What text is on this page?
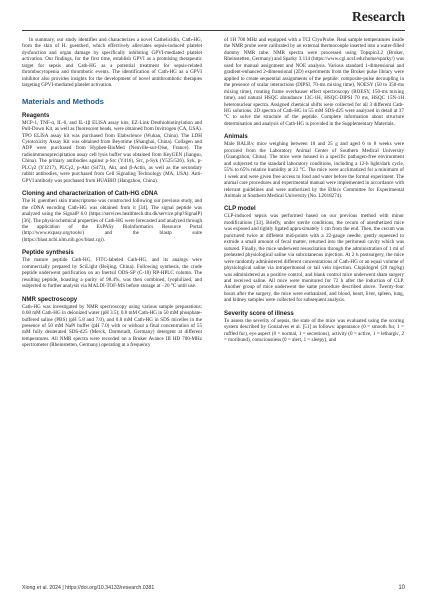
Research

In summary, our study identifies and characterizes a novel Cathelicidin, Cath-HG, from the skin of H. guentheri, which effectively alleviates sepsis-induced platelet dysfunction and organ damage by specifically inhibiting GPVI-mediated platelet activation. Our findings, for the first time, establish GPVI as a promising therapeutic target for sepsis and Cath-HG as a potential treatment for sepsis-related thrombocytopenia and thrombotic events. The identification of Cath-HG as a GPVI inhibitor also provides insights for the development of novel antithrombotic therapies targeting GPVI-mediated platelet activation.

Materials and Methods
Reagents

MCP-1, TNF-α, IL-6, and IL-1β ELISA assay kits, EZ-Link Desthiobiotinylation and Pull-Down Kit, as well as fluorescent beads, were obtained from Invitrogen (CA, USA). TPO ELISA assay kit was purchased from Elabscience (Wuhan, China). The LDH Cytotoxicity Assay Kit was obtained from Beyotime (Shanghai, China). Collagen and ADP were purchased from Hyphen-BioMed (Neuville-sur-Oise, France). The radioimmunoprecipitation assay cell lysis buffer was obtained from KeyGEN (Jiangsu, China). The primary antibodies against p-Src (Y416), Src, p-Syk (Y525/526), Syk, p-PLCγ2 (Y1217), PLCγ2, p-Akt (S473), Akt, and β-Actin, as well as the secondary rabbit antibodies, were purchased from Cell Signaling Technology (MA, USA). Anti-GPVI antibody was purchased from HUABIO (Hangzhou, China).

Cloning and characterization of Cath-HG cDNA

The H. guentheri skin transcriptome was constructed following our previous study, and the cDNA encoding Cath-HG was obtained from it [34]. The signal peptide was analyzed using the SignalP 6.0 (https://services.healthtech.dtu.dk/service.php?SignalP) [36]. The physicochemical properties of Cath-HG were forecasted and analyzed through the application of the ExPASy Bioinformatics Resource Portal (http://www.expasy.org/tools/) and the blastp suite (https://blast.ncbi.nlm.nih.gov/blast.cgi).

Peptide synthesis

The mature peptide Cath-HG, FITC-labeled Cath-HG, and its analogs were commercially prepared by SciLight (Beijing, China). Following synthesis, the crude peptide underwent purification on an Inertsil ODS-SP (C-18) RP-HPLC column. The resulting peptide, boasting a purity of 98.4%, was then combined, lyophilized, and subjected to further analysis via MALDI-TOF-MS before storage at −20 °C until use.

NMR spectroscopy

Cath-HG was investigated by NMR spectroscopy using various sample preparations: 0.68 mM Cath-HG in deionized water (pH 3.5); 0.8 mM Cath-HG in 50 mM phosphate-buffered saline (PBS) (pH 5.8 and 7.0), and 0.8 mM Cath-HG in SDS micelles in the presence of 50 mM NaPi buffer (pH 7.0) with or without a final concentration of 55 mM fully deuterated SDS-d25 (Merck, Darmstadt, Germany) detergent at different temperatures. All NMR spectra were recorded on a Bruker Avance III HD 700-MHz spectrometer (Rheinstetten, Germany) operating at a frequency

of 1H 700 MHz and equipped with a TCI CryoProbe. Real sample temperatures inside the NMR probe were calibrated by an external thermocouple inserted into a water-filled dummy NMR tube. NMR spectra were processed using Topspin3.2 (Bruker, Rheinstetten, Germany) and Sparky 3.114 (https://www.cgl.ucsf.edu/home/sparky/) was used for manual assignment and NOE analysis. Various standard 1-dimensional and gradient-enhanced 2-dimensional (2D) experiments from the Bruker pulse library were applied to create sequential assignments of the peptide: composite-pulse decoupling in the presence of scalar interactions (DIPSI, 70-ms mixing time), NOESY (50 to 350-ms mixing time), rotating frame overhauser effect spectroscopy (ROESY, 150-ms mixing time), and natural HSQC abundance 13C-1H, HSQC-DIPSI 70 ms, HSQC 15N-1H heteronuclear spectra. Assigned chemical shifts were collected for all 3 different Cath-HG solutions. 2D spectra of Cath-HG in 55 mM SDS-d25 were analyzed in detail at 37 °C to solve the structure of the peptide. Complete information about structure determination and analysis of Cath-HG is provided in the Supplementary Materials.

Animals

Male BALB/c mice weighing between 18 and 25 g and aged 6 to 8 weeks were procured from the Laboratory Animal Center of Southern Medical University (Guangzhou, China). The mice were housed in a specific pathogen-free environment and subjected to the standard laboratory conditions, including a 12-h light/dark cycle, 55% to 65% relative humidity at 22 °C. The mice were acclimatized for a minimum of 1 week and were given free access to food and water before the formal experiment. The animal care procedures and experimental manual were implemented in accordance with relevant guidelines and were authorized by the Ethics Committee for Experimental Animals at Southern Medical University (No. L2018274).

CLP model

CLP-induced sepsis was performed based on our previous method with minor modifications [33]. Briefly, under sterile conditions, the cecum of anesthetized mice was exposed and tightly ligated approximately 1 cm from the end. Then, the cecum was punctured twice at different mid-points with a 22-gauge needle, gently squeezed to extrude a small amount of fecal matter, returned into the peritoneal cavity which was sutured. Finally, the mice underwent resuscitation through the administration of 1 ml of preheated physiological saline via subcutaneous injection. At 2 h postsurgery, the mice were randomly administered different concentrations of Cath-HG or an equal volume of physiological saline via intraperitoneal or tail vein injection. Clopidogrel (20 mg/kg) was administered as a positive control, and blank control mice underwent sham surgery and received saline. All mice were monitored for 72 h after the induction of CLP. Another group of mice underwent the same procedure described above. Twenty-four hours after the surgery, the mice were euthanized, and blood, heart, liver, spleen, lung, and kidney samples were collected for subsequent analysis.

Severity score of illness

To assess the severity of sepsis, the state of the mice was evaluated using the scoring system described by Gonzalves et al. [51] as follows: appearance (0 = smooth fur, 1 = ruffled fur), eye aspect (0 = normal, 1 = secretions), activity (0 = active, 1 = lethargic, 2 = moribund), consciousness (0 = alert, 1 = sleepy), and

Xiong et al. 2024 | https://doi.org/10.34133/research.0381	10
